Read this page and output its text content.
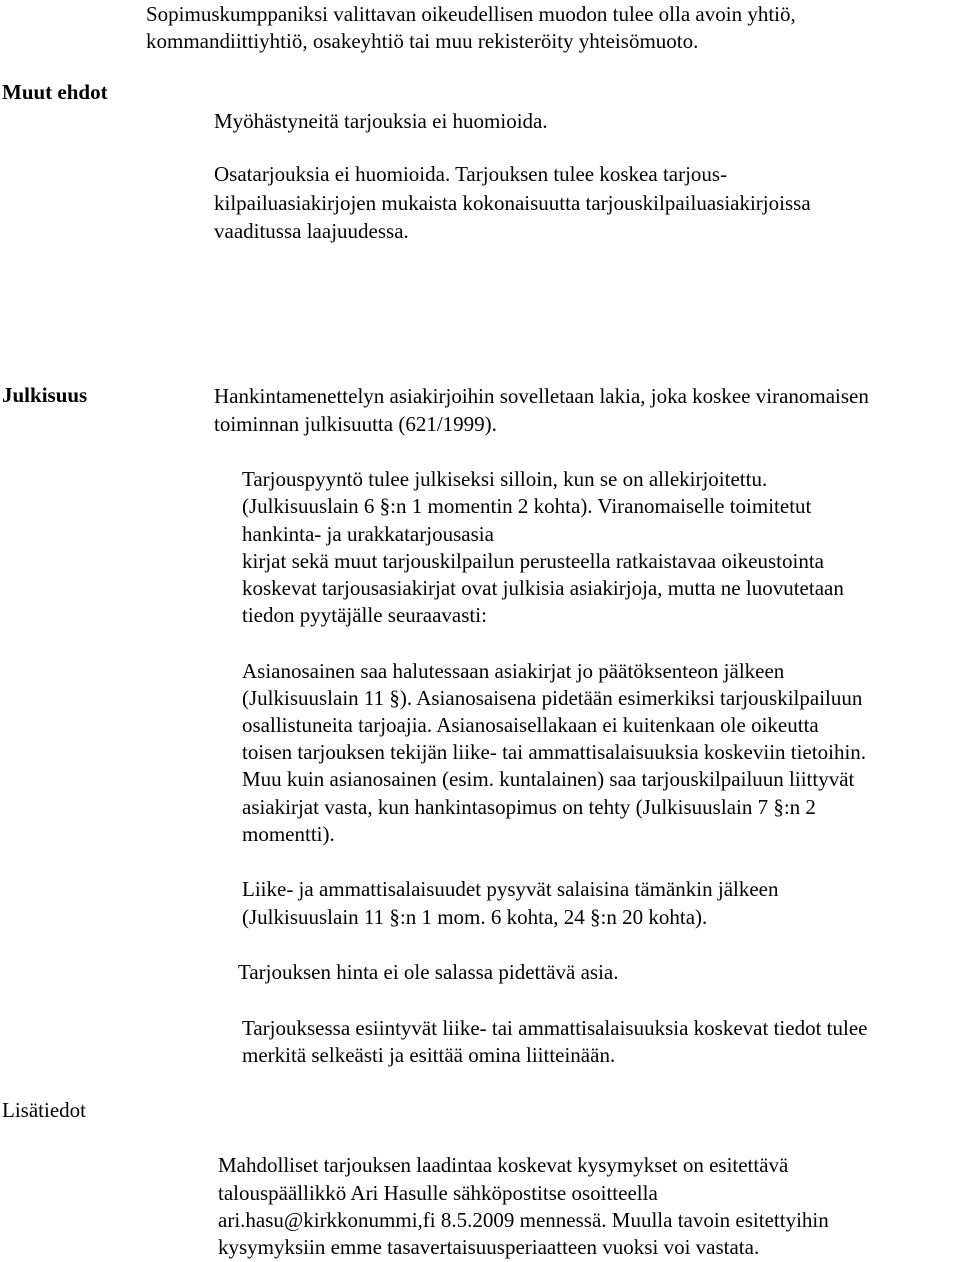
Sopimuskumppaniksi valittavan oikeudellisen muodon tulee olla avoin yhtiö,

kommandiittiyhtiö, osakeyhtiö tai muu rekisteröity yhteisömuoto.

Muut ehdot

Myöhästyneitä tarjouksia ei huomioida.

Osatarjouksia ei huomioida. Tarjouksen tulee koskea tarjous-

kilpailuasiakirjojen mukaista kokonaisuutta tarjouskilpailuasiakirjoissa

vaaditussa laajuudessa.

Julkisuus	Hankintamenettelyn asiakirjoihin sovelletaan lakia, joka koskee viranomaisen

toiminnan julkisuutta (621/1999).

Tarjouspyyntö tulee julkiseksi silloin, kun se on allekirjoitettu.

(Julkisuuslain 6 §:n 1 momentin 2 kohta). Viranomaiselle toimitetut

hankinta- ja urakkatarjousasia

kirjat sekä muut tarjouskilpailun perusteella ratkaistavaa oikeustointa

koskevat tarjousasiakirjat ovat julkisia asiakirjoja, mutta ne luovutetaan

tiedon pyytäjälle seuraavasti:

Asianosainen saa halutessaan asiakirjat jo päätöksenteon jälkeen

(Julkisuuslain 11 §). Asianosaisena pidetään esimerkiksi tarjouskilpailuun

osallistuneita tarjoajia. Asianosaisellakaan ei kuitenkaan ole oikeutta

toisen tarjouksen tekijän liike- tai ammattisalaisuuksia koskeviin tietoihin.

Muu kuin asianosainen (esim. kuntalainen) saa tarjouskilpailuun liittyvät

asiakirjat vasta, kun hankintasopimus on tehty (Julkisuuslain 7 §:n 2

momentti).

Liike- ja ammattisalaisuudet pysyvät salaisina tämänkin jälkeen

(Julkisuuslain 11 §:n 1 mom. 6 kohta, 24 §:n 20 kohta).

Tarjouksen hinta ei ole salassa pidettävä asia.

Tarjouksessa esiintyvät liike- tai ammattisalaisuuksia koskevat tiedot tulee

merkitä selkeästi ja esittää omina liitteinään.

Lisätiedot

Mahdolliset tarjouksen laadintaa koskevat kysymykset on esitettävä

talouspäällikkö Ari Hasulle sähköpostitse osoitteella

ari.hasu@kirkkonummi,fi 8.5.2009 mennessä. Muulla tavoin esitettyihin

kysymyksiin emme tasavertaisuusperiaatteen vuoksi voi vastata.
